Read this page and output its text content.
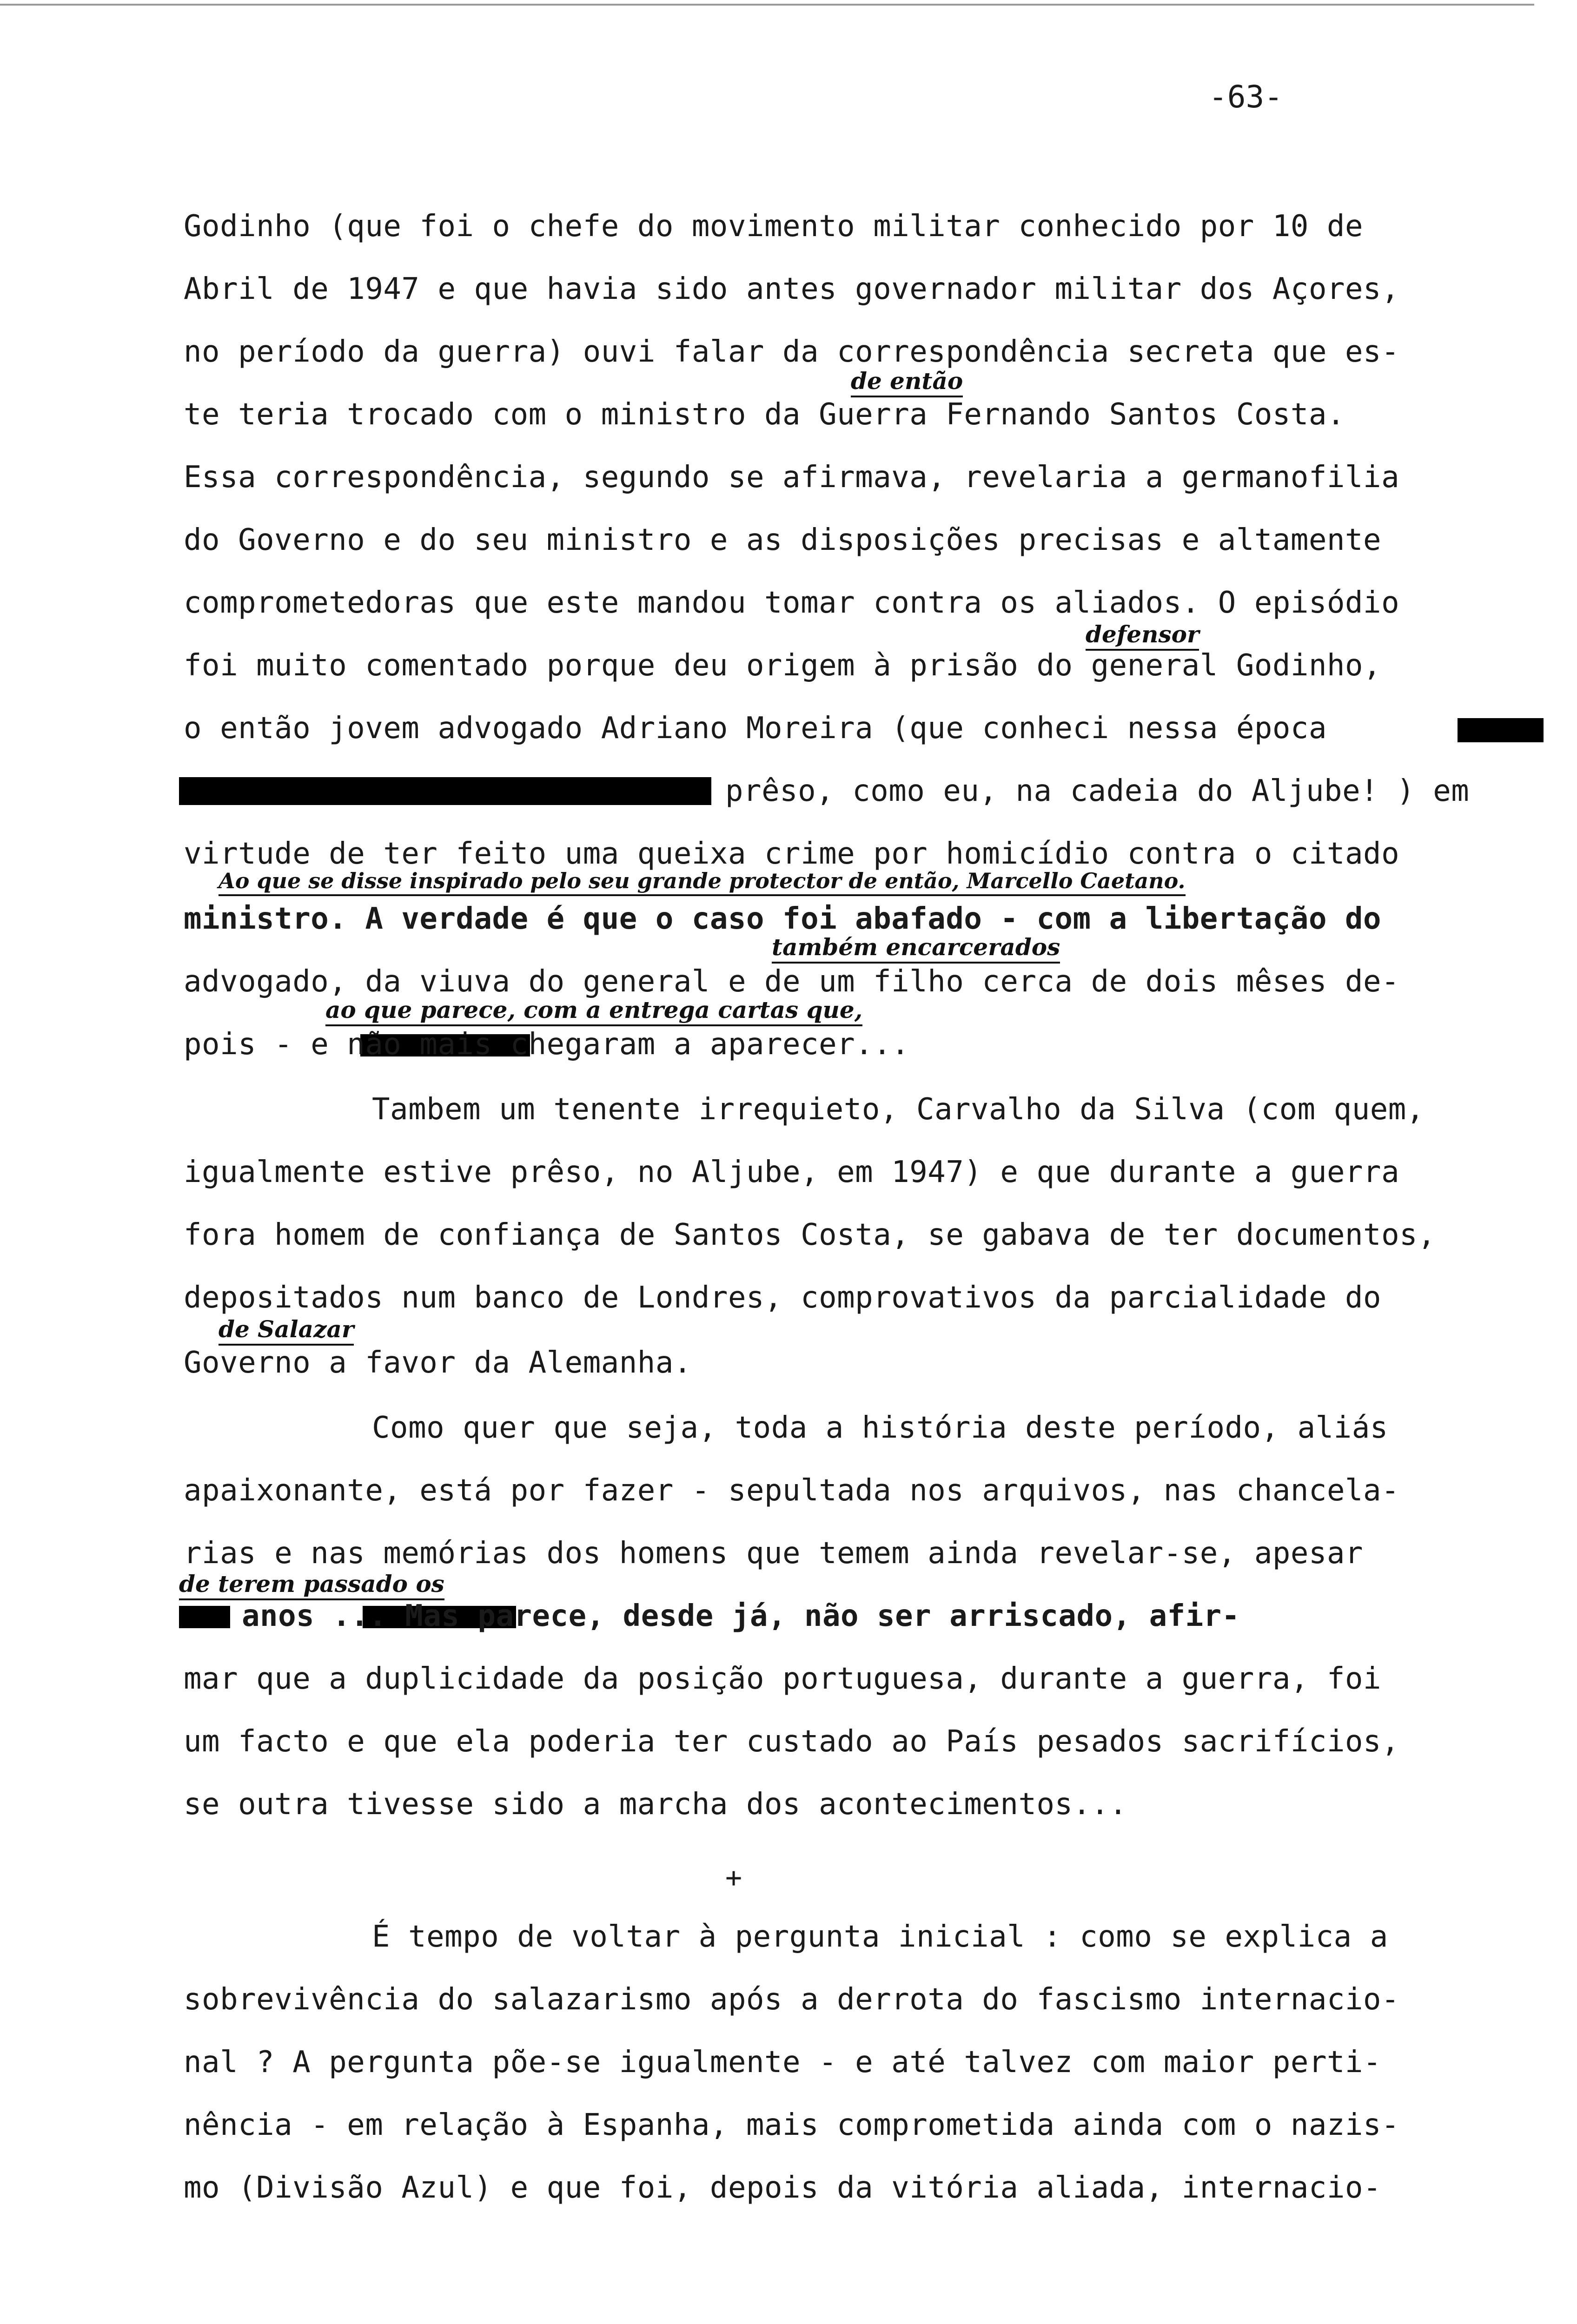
-63-
Godinho (que foi o chefe do movimento militar conhecido por 10 de
Abril de 1947 e que havia sido antes governador militar dos Açores,
no período da guerra) ouvi falar da correspondência secreta que es-
de então
te teria trocado com o ministro da Guerra Fernando Santos Costa.
Essa correspondência, segundo se afirmava, revelaria a germanofilia
do Governo e do seu ministro e as disposições precisas e altamente
comprometedoras que este mandou tomar contra os aliados. O episódio
defensor
foi muito comentado porque deu origem à prisão do general Godinho,
o então jovem advogado Adriano Moreira (que conheci nessa época
prêso, como eu, na cadeia do Aljube! ) em
virtude de ter feito uma queixa crime por homicídio contra o citado
Ao que se disse inspirado pelo seu grande protector de então, Marcello Caetano.
ministro. A verdade é que o caso foi abafado - com a libertação do
também encarcerados
advogado, da viuva do general e de um filho cerca de dois mêses de-
ao que parece, com a entrega cartas que,
pois - e não mais chegaram a aparecer...
Tambem um tenente irrequieto, Carvalho da Silva (com quem,
igualmente estive prêso, no Aljube, em 1947) e que durante a guerra
fora homem de confiança de Santos Costa, se gabava de ter documentos,
depositados num banco de Londres, comprovativos da parcialidade do
de Salazar
Governo a favor da Alemanha.
Como quer que seja, toda a história deste período, aliás
apaixonante, está por fazer - sepultada nos arquivos, nas chancela-
rias e nas memórias dos homens que temem ainda revelar-se, apesar
de terem passado os
anos ... Mas parece, desde já, não ser arriscado, afir-
mar que a duplicidade da posição portuguesa, durante a guerra, foi
um facto e que ela poderia ter custado ao País pesados sacrifícios,
se outra tivesse sido a marcha dos acontecimentos...
+
É tempo de voltar à pergunta inicial : como se explica a
sobrevivência do salazarismo após a derrota do fascismo internacio-
nal ? A pergunta põe-se igualmente - e até talvez com maior perti-
nência - em relação à Espanha, mais comprometida ainda com o nazis-
mo (Divisão Azul) e que foi, depois da vitória aliada, internacio-
